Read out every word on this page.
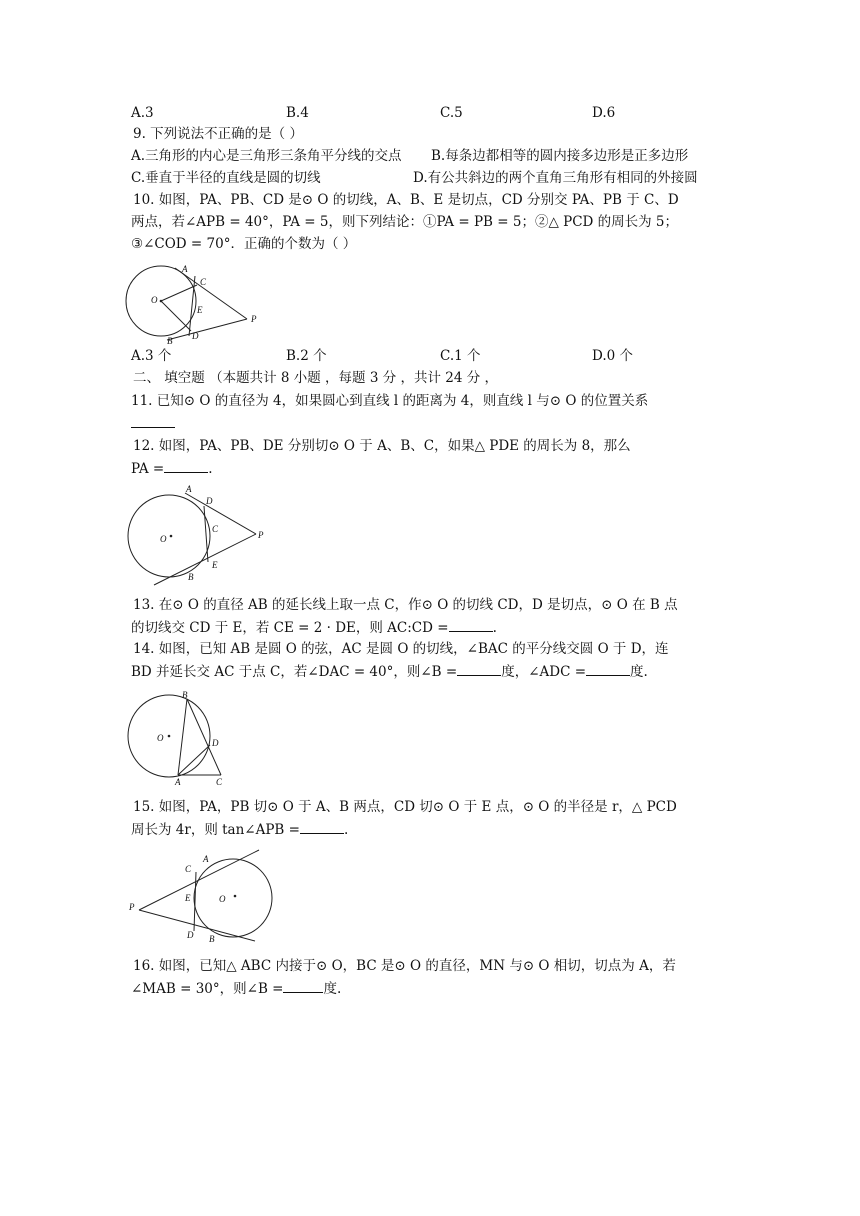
A.3	B.4	C.5	D.6
9. 下列说法不正确的是（ ）
A.三角形的内心是三角形三条角平分线的交点 B.每条边都相等的圆内接多边形是正多边形
C.垂直于半径的直线是圆的切线	D.有公共斜边的两个直角三角形有相同的外接圆
10. 如图，PA、PB、CD 是⊙ O 的切线，A、B、E 是切点，CD 分别交 PA、PB 于 C、D
两点，若∠APB = 40°，PA = 5，则下列结论：①PA = PB = 5；②△ PCD 的周长为 5；
③∠COD = 70°．正确的个数为（ ）
A
C
O
E
P
D
B
A.3 个	B.2 个	C.1 个	D.0 个
二、 填空题 （本题共计 8 小题 ，每题 3 分 ，共计 24 分 ，
11. 已知⊙ O 的直径为 4，如果圆心到直线 l 的距离为 4，则直线 l 与⊙ O 的位置关系
12. 如图，PA、PB、DE 分别切⊙ O 于 A、B、C，如果△ PDE 的周长为 8，那么
PA =	.
A
D
C
O	P
E
B
13. 在⊙ O 的直径 AB 的延长线上取一点 C，作⊙ O 的切线 CD，D 是切点，⊙ O 在 B 点
的切线交 CD 于 E，若 CE = 2 · DE，则 AC:CD =	.
14. 如图，已知 AB 是圆 O 的弦，AC 是圆 O 的切线，∠BAC 的平分线交圆 O 于 D，连
BD 并延长交 AC 于点 C，若∠DAC = 40°，则∠B =	度，∠ADC =	度.
B
O	D
A	C
15. 如图，PA，PB 切⊙ O 于 A、B 两点，CD 切⊙ O 于 E 点，⊙ O 的半径是 r，△ PCD
周长为 4r，则 tan∠APB =	.
A
C
E	O
P
D B
16. 如图，已知△ ABC 内接于⊙ O，BC 是⊙ O 的直径，MN 与⊙ O 相切，切点为 A，若
∠MAB = 30°，则∠B =	度.
